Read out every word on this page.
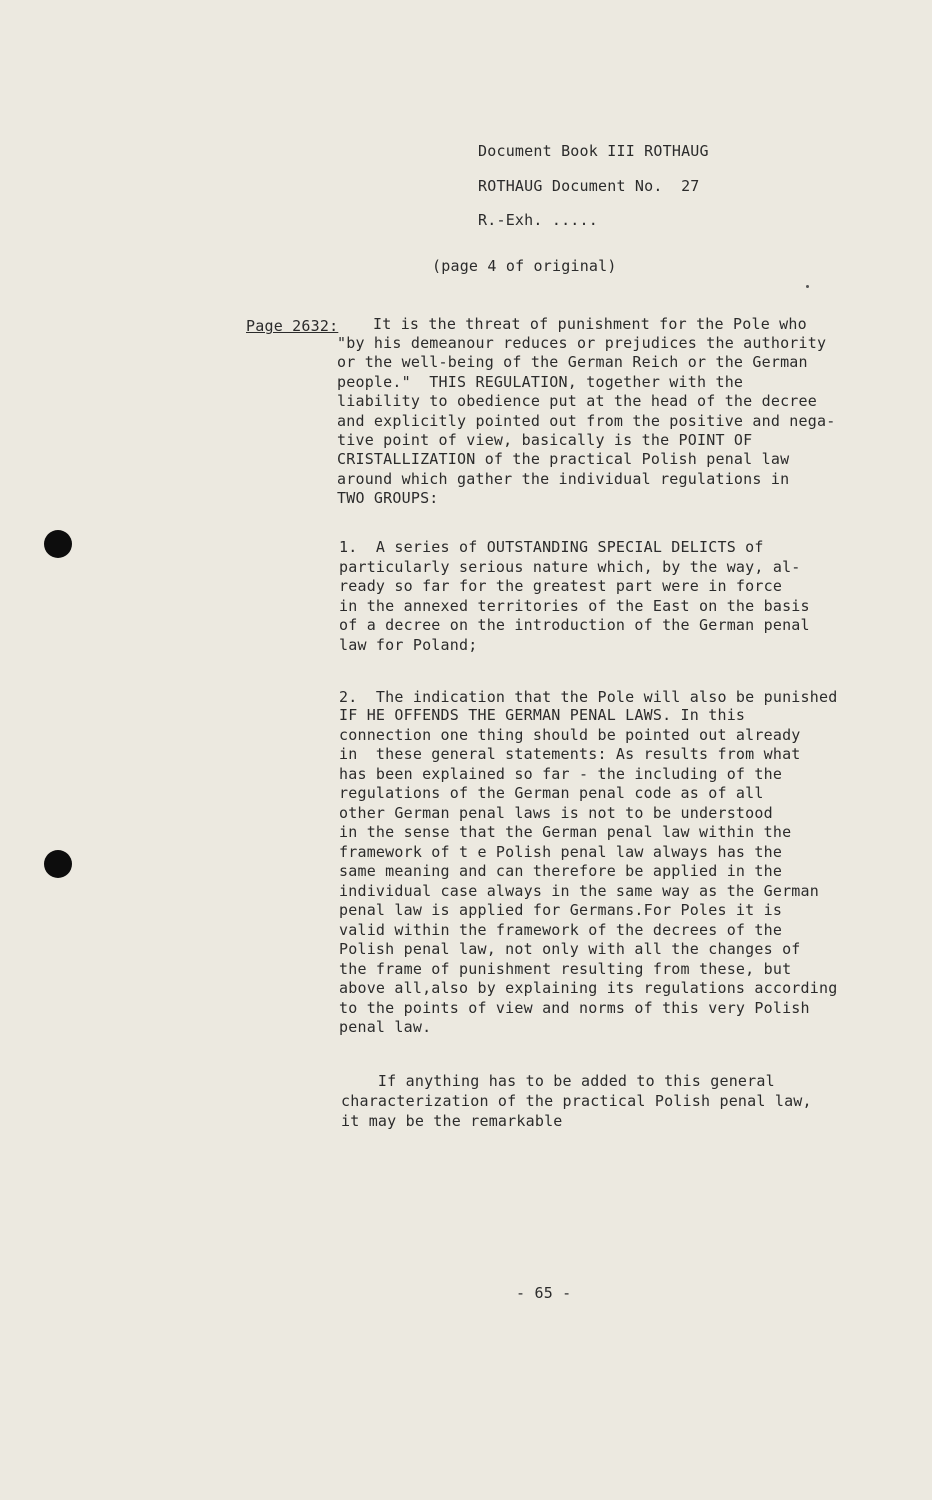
Document Book III ROTHAUG
ROTHAUG Document No.  27
R.-Exh. .....
(page 4 of original)
Page 2632: It is the threat of punishment for the Pole who
"by his demeanour reduces or prejudices the authority
or the well-being of the German Reich or the German
people."  THIS REGULATION, together with the
liability to obedience put at the head of the decree
and explicitly pointed out from the positive and nega-
tive point of view, basically is the POINT OF
CRISTALLIZATION of the practical Polish penal law
around which gather the individual regulations in
TWO GROUPS:
1.  A series of OUTSTANDING SPECIAL DELICTS of
particularly serious nature which, by the way, al-
ready so far for the greatest part were in force
in the annexed territories of the East on the basis
of a decree on the introduction of the German penal
law for Poland;
2.  The indication that the Pole will also be punished
IF HE OFFENDS THE GERMAN PENAL LAWS. In this
connection one thing should be pointed out already
in  these general statements: As results from what
has been explained so far - the including of the
regulations of the German penal code as of all
other German penal laws is not to be understood
in the sense that the German penal law within the
framework of t e Polish penal law always has the
same meaning and can therefore be applied in the
individual case always in the same way as the German
penal law is applied for Germans.For Poles it is
valid within the framework of the decrees of the
Polish penal law, not only with all the changes of
the frame of punishment resulting from these, but
above all,also by explaining its regulations according
to the points of view and norms of this very Polish
penal law.
If anything has to be added to this general
characterization of the practical Polish penal law,
it may be the remarkable
- 65 -
